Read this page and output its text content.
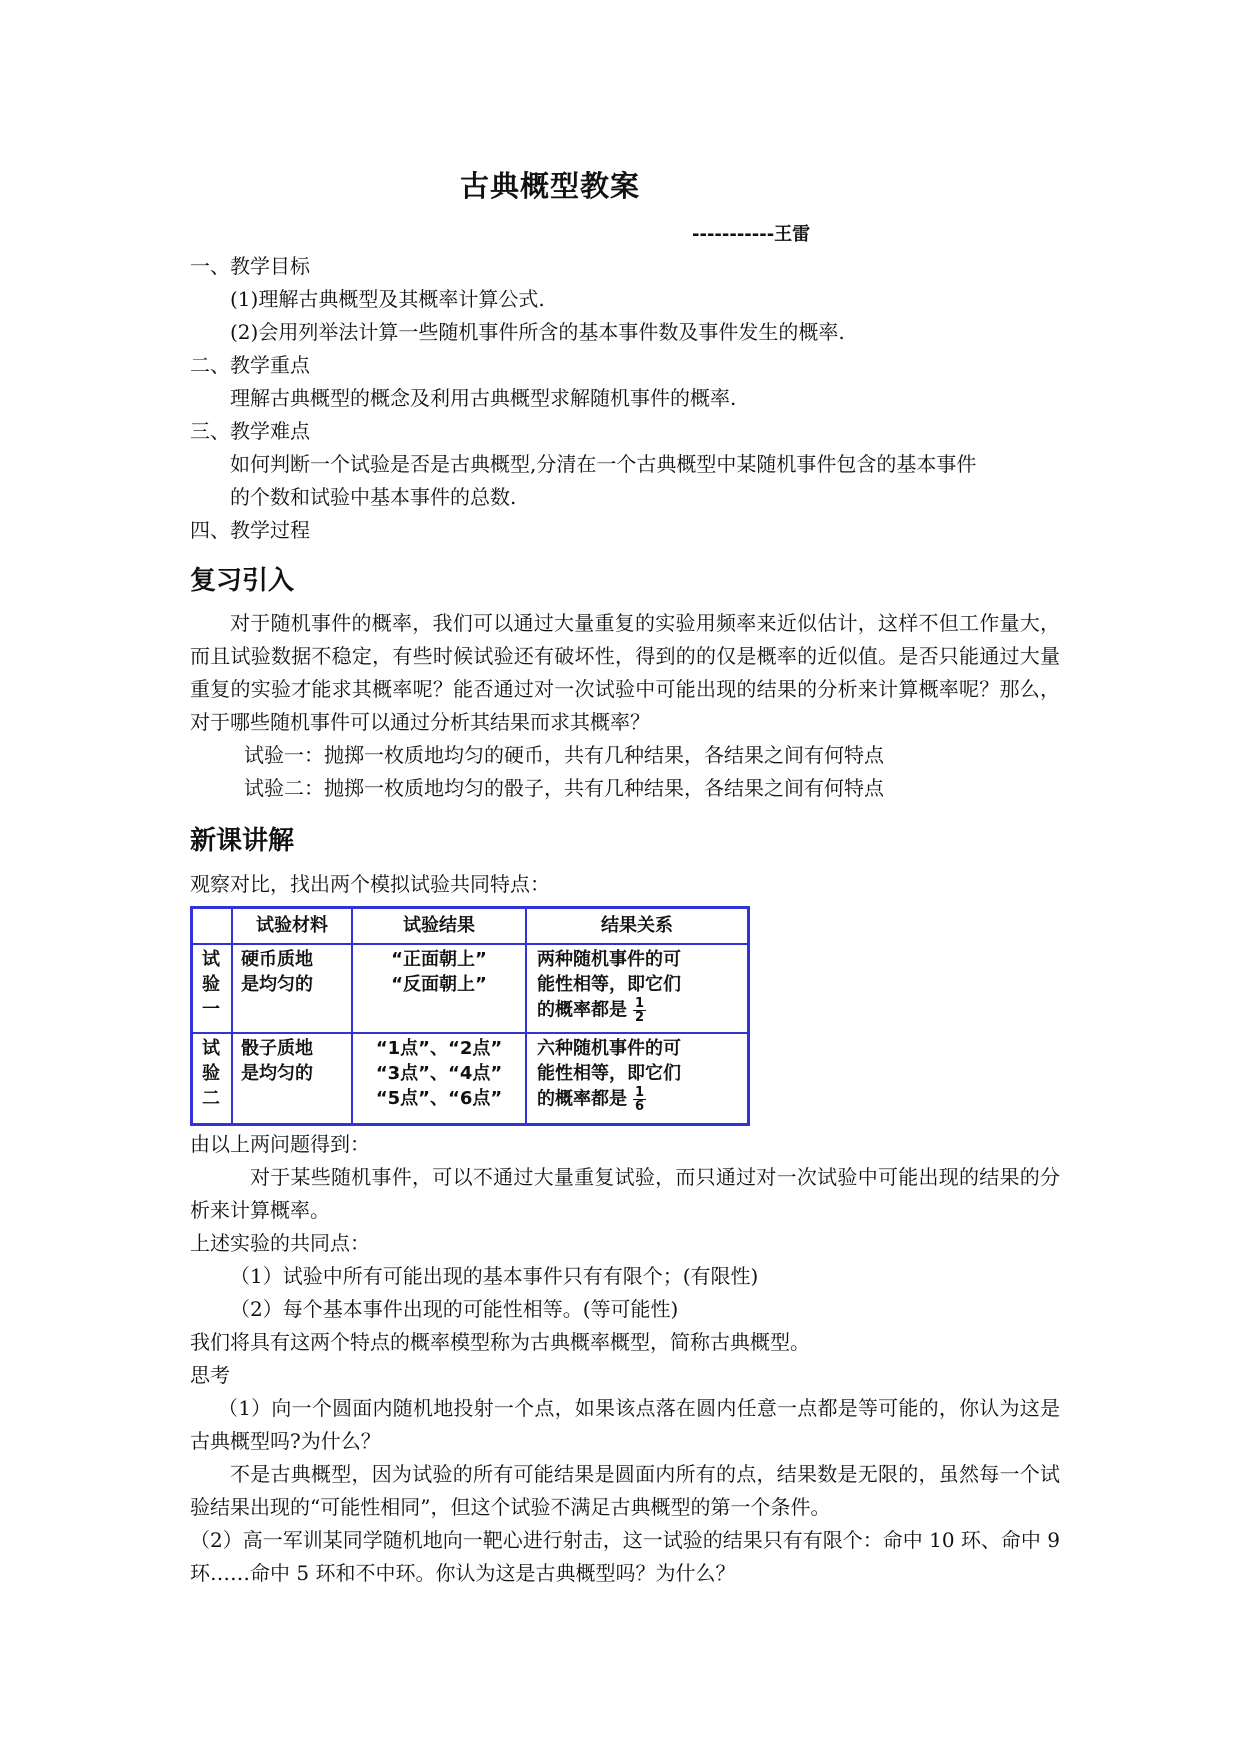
古典概型教案
-----------王雷
一、教学目标
(1)理解古典概型及其概率计算公式.
(2)会用列举法计算一些随机事件所含的基本事件数及事件发生的概率.
二、教学重点
理解古典概型的概念及利用古典概型求解随机事件的概率.
三、教学难点
如何判断一个试验是否是古典概型,分清在一个古典概型中某随机事件包含的基本事件
的个数和试验中基本事件的总数.
四、教学过程
复习引入
对于随机事件的概率，我们可以通过大量重复的实验用频率来近似估计，这样不但工作量大，而且试验数据不稳定，有些时候试验还有破坏性，得到的的仅是概率的近似值。是否只能通过大量重复的实验才能求其概率呢？能否通过对一次试验中可能出现的结果的分析来计算概率呢？那么，对于哪些随机事件可以通过分析其结果而求其概率？
试验一：抛掷一枚质地均匀的硬币，共有几种结果，各结果之间有何特点
试验二：抛掷一枚质地均匀的骰子，共有几种结果，各结果之间有何特点
新课讲解
观察对比，找出两个模拟试验共同特点：
试验材料	试验结果	结果关系
试
验
一
硬币质地
是均匀的
“正面朝上”
“反面朝上”
两种随机事件的可
能性相等，即它们
的概率都是 $\frac{1}{2}$
试
验
二
骰子质地
是均匀的
“1点”、“2点”
“3点”、“4点”
“5点”、“6点”
六种随机事件的可
能性相等，即它们
的概率都是 $\frac{1}{6}$
由以上两问题得到：
对于某些随机事件，可以不通过大量重复试验，而只通过对一次试验中可能出现的结果的分析来计算概率。
上述实验的共同点：
（1）试验中所有可能出现的基本事件只有有限个；(有限性)
（2）每个基本事件出现的可能性相等。(等可能性)
我们将具有这两个特点的概率模型称为古典概率概型，简称古典概型。
思考
（1）向一个圆面内随机地投射一个点，如果该点落在圆内任意一点都是等可能的，你认为这是古典概型吗?为什么？
不是古典概型，因为试验的所有可能结果是圆面内所有的点，结果数是无限的，虽然每一个试验结果出现的“可能性相同”，但这个试验不满足古典概型的第一个条件。
（2）高一军训某同学随机地向一靶心进行射击，这一试验的结果只有有限个：命中 10 环、命中 9 环……命中 5 环和不中环。你认为这是古典概型吗？为什么？
